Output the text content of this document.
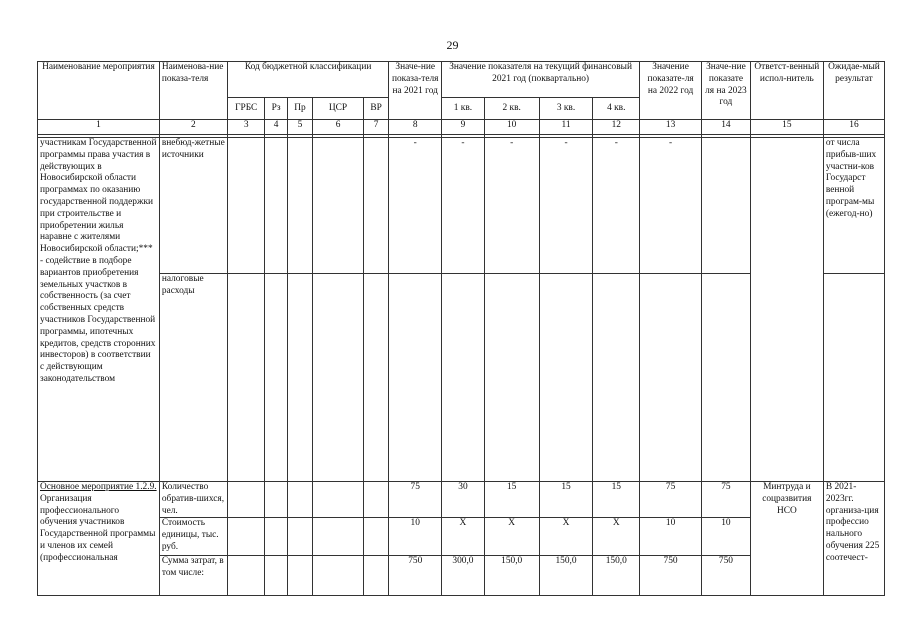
29
Наименование мероприятия	Наименова-ние показа-теля	Код бюджетной классификации					Значе-ние показа-теля на 2021 год	Значение показателя на текущий финансовый 2021 год (поквартально)				Значение показате-ля на 2022 год	Значе-ние показате ля на 2023 год	Ответст-венный испол-нитель	Ожидае-мый результат
		ГРБС	Рз	Пр	ЦСР	ВР		1 кв.	2 кв.	3 кв.	4 кв.				
1	2	3	4	5	6	7	8	9	10	11	12	13	14	15	16

участникам Государственной программы права участия в действующих в Новосибирской области программах по оказанию государственной поддержки при строительстве и приобретении жилья наравне с жителями Новосибирской области;*** - содействие в подборе вариантов приобретения земельных участков в собственность (за счет собственных средств участников Государственной программы, ипотечных кредитов, средств сторонних инвесторов) в соответствии с действующим законодательством	внебюд-жетные источники						-	-	-	-	-	-			от числа прибыв-ших участни-ков Государст венной програм-мы (ежегод-но)
	налоговые расходы														
Основное мероприятие 1.2.9.
Организация профессионального обучения участников Государственной программы и членов их семей (профессиональная	Количество обратив-шихся, чел.						75	30	15	15	15	75	75	Минтруда и соцразвития НСО	В 2021-2023гг. организа-ция профессио нального обучения 225 соотечест-
	Стоимость единицы, тыс. руб.						10	X	X	X	X	10	10		
	Сумма затрат, в том числе:						750	300,0	150,0	150,0	150,0	750	750		
